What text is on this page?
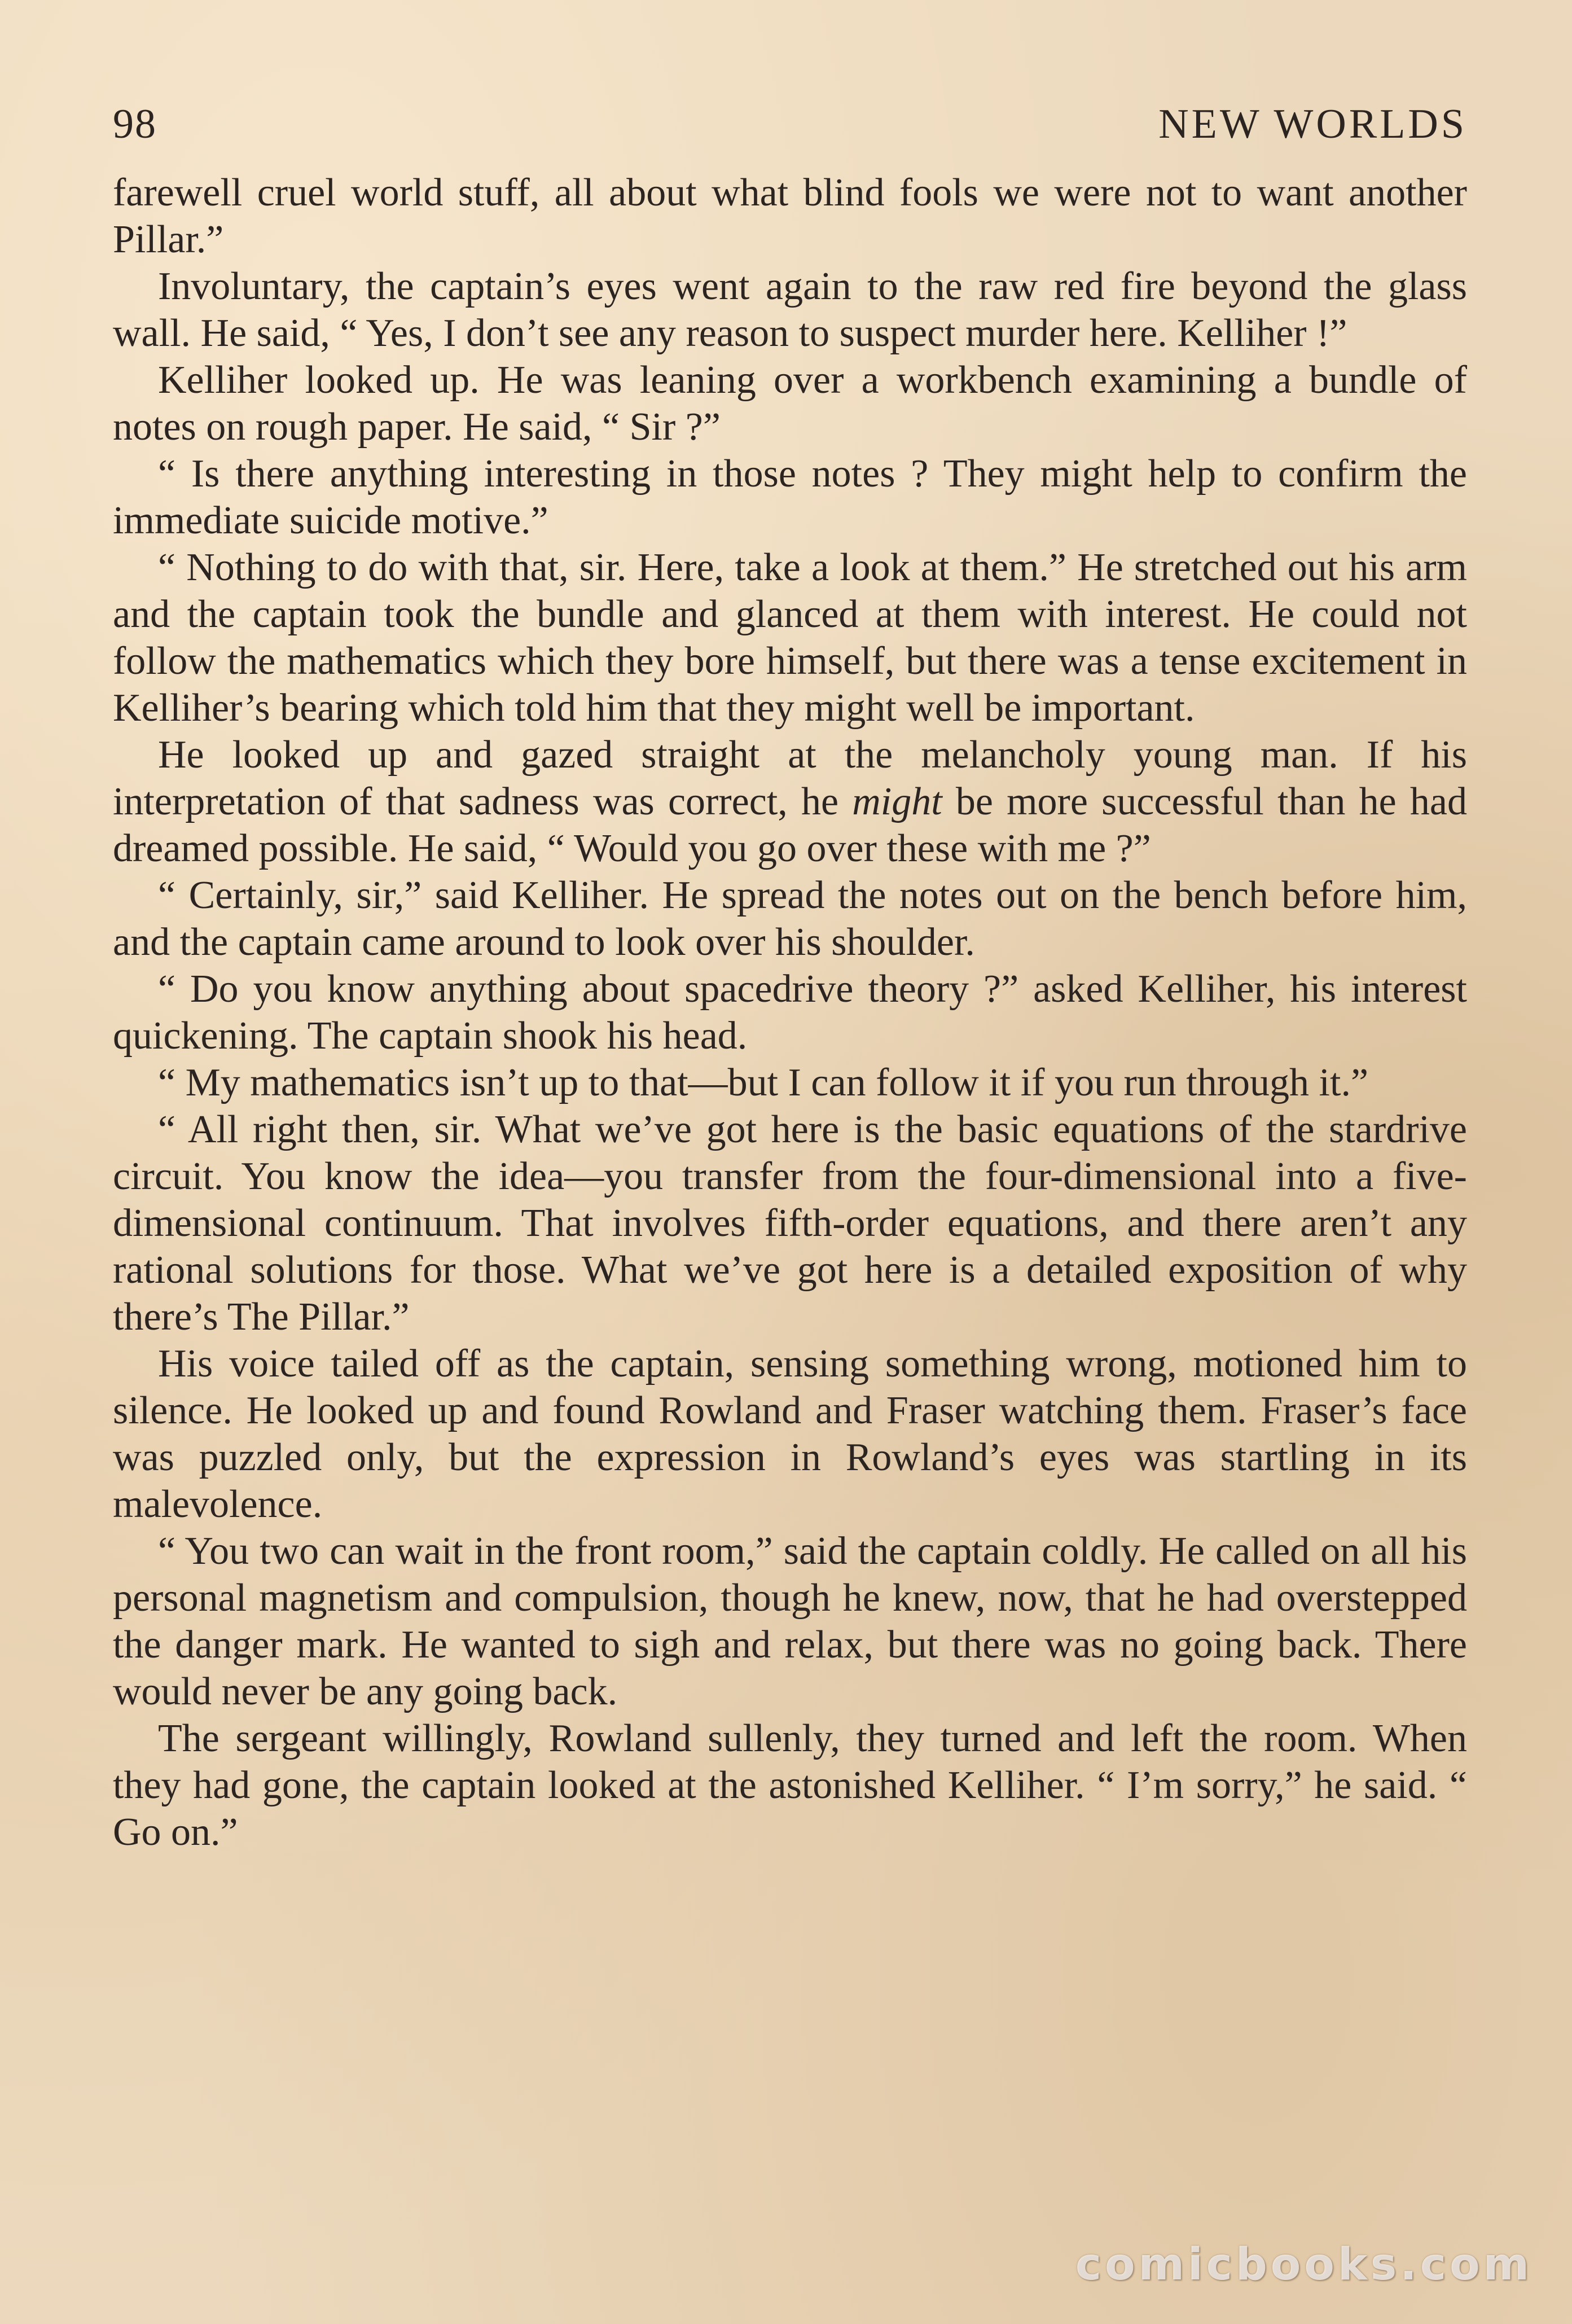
98	NEW WORLDS

farewell cruel world stuff, all about what blind fools we were not to want another Pillar.”

Involuntary, the captain’s eyes went again to the raw red fire beyond the glass wall. He said, “ Yes, I don’t see any reason to suspect murder here. Kelliher !”

Kelliher looked up. He was leaning over a workbench examining a bundle of notes on rough paper. He said, “ Sir ?”

“ Is there anything interesting in those notes ? They might help to confirm the immediate suicide motive.”

“ Nothing to do with that, sir. Here, take a look at them.” He stretched out his arm and the captain took the bundle and glanced at them with interest. He could not follow the mathematics which they bore himself, but there was a tense excitement in Kelliher’s bearing which told him that they might well be important.

He looked up and gazed straight at the melancholy young man. If his interpretation of that sadness was correct, he might be more successful than he had dreamed possible. He said, “ Would you go over these with me ?”

“ Certainly, sir,” said Kelliher. He spread the notes out on the bench before him, and the captain came around to look over his shoulder.

“ Do you know anything about spacedrive theory ?” asked Kelliher, his interest quickening. The captain shook his head.

“ My mathematics isn’t up to that—but I can follow it if you run through it.”

“ All right then, sir. What we’ve got here is the basic equations of the stardrive circuit. You know the idea—you transfer from the four-dimensional into a five-dimensional continuum. That involves fifth-order equations, and there aren’t any rational solutions for those. What we’ve got here is a detailed exposition of why there’s The Pillar.”

His voice tailed off as the captain, sensing something wrong, motioned him to silence. He looked up and found Rowland and Fraser watching them. Fraser’s face was puzzled only, but the expression in Rowland’s eyes was startling in its malevolence.

“ You two can wait in the front room,” said the captain coldly. He called on all his personal magnetism and compulsion, though he knew, now, that he had overstepped the danger mark. He wanted to sigh and relax, but there was no going back. There would never be any going back.

The sergeant willingly, Rowland sullenly, they turned and left the room. When they had gone, the captain looked at the astonished Kelliher. “ I’m sorry,” he said. “ Go on.”

comicbooks.com
